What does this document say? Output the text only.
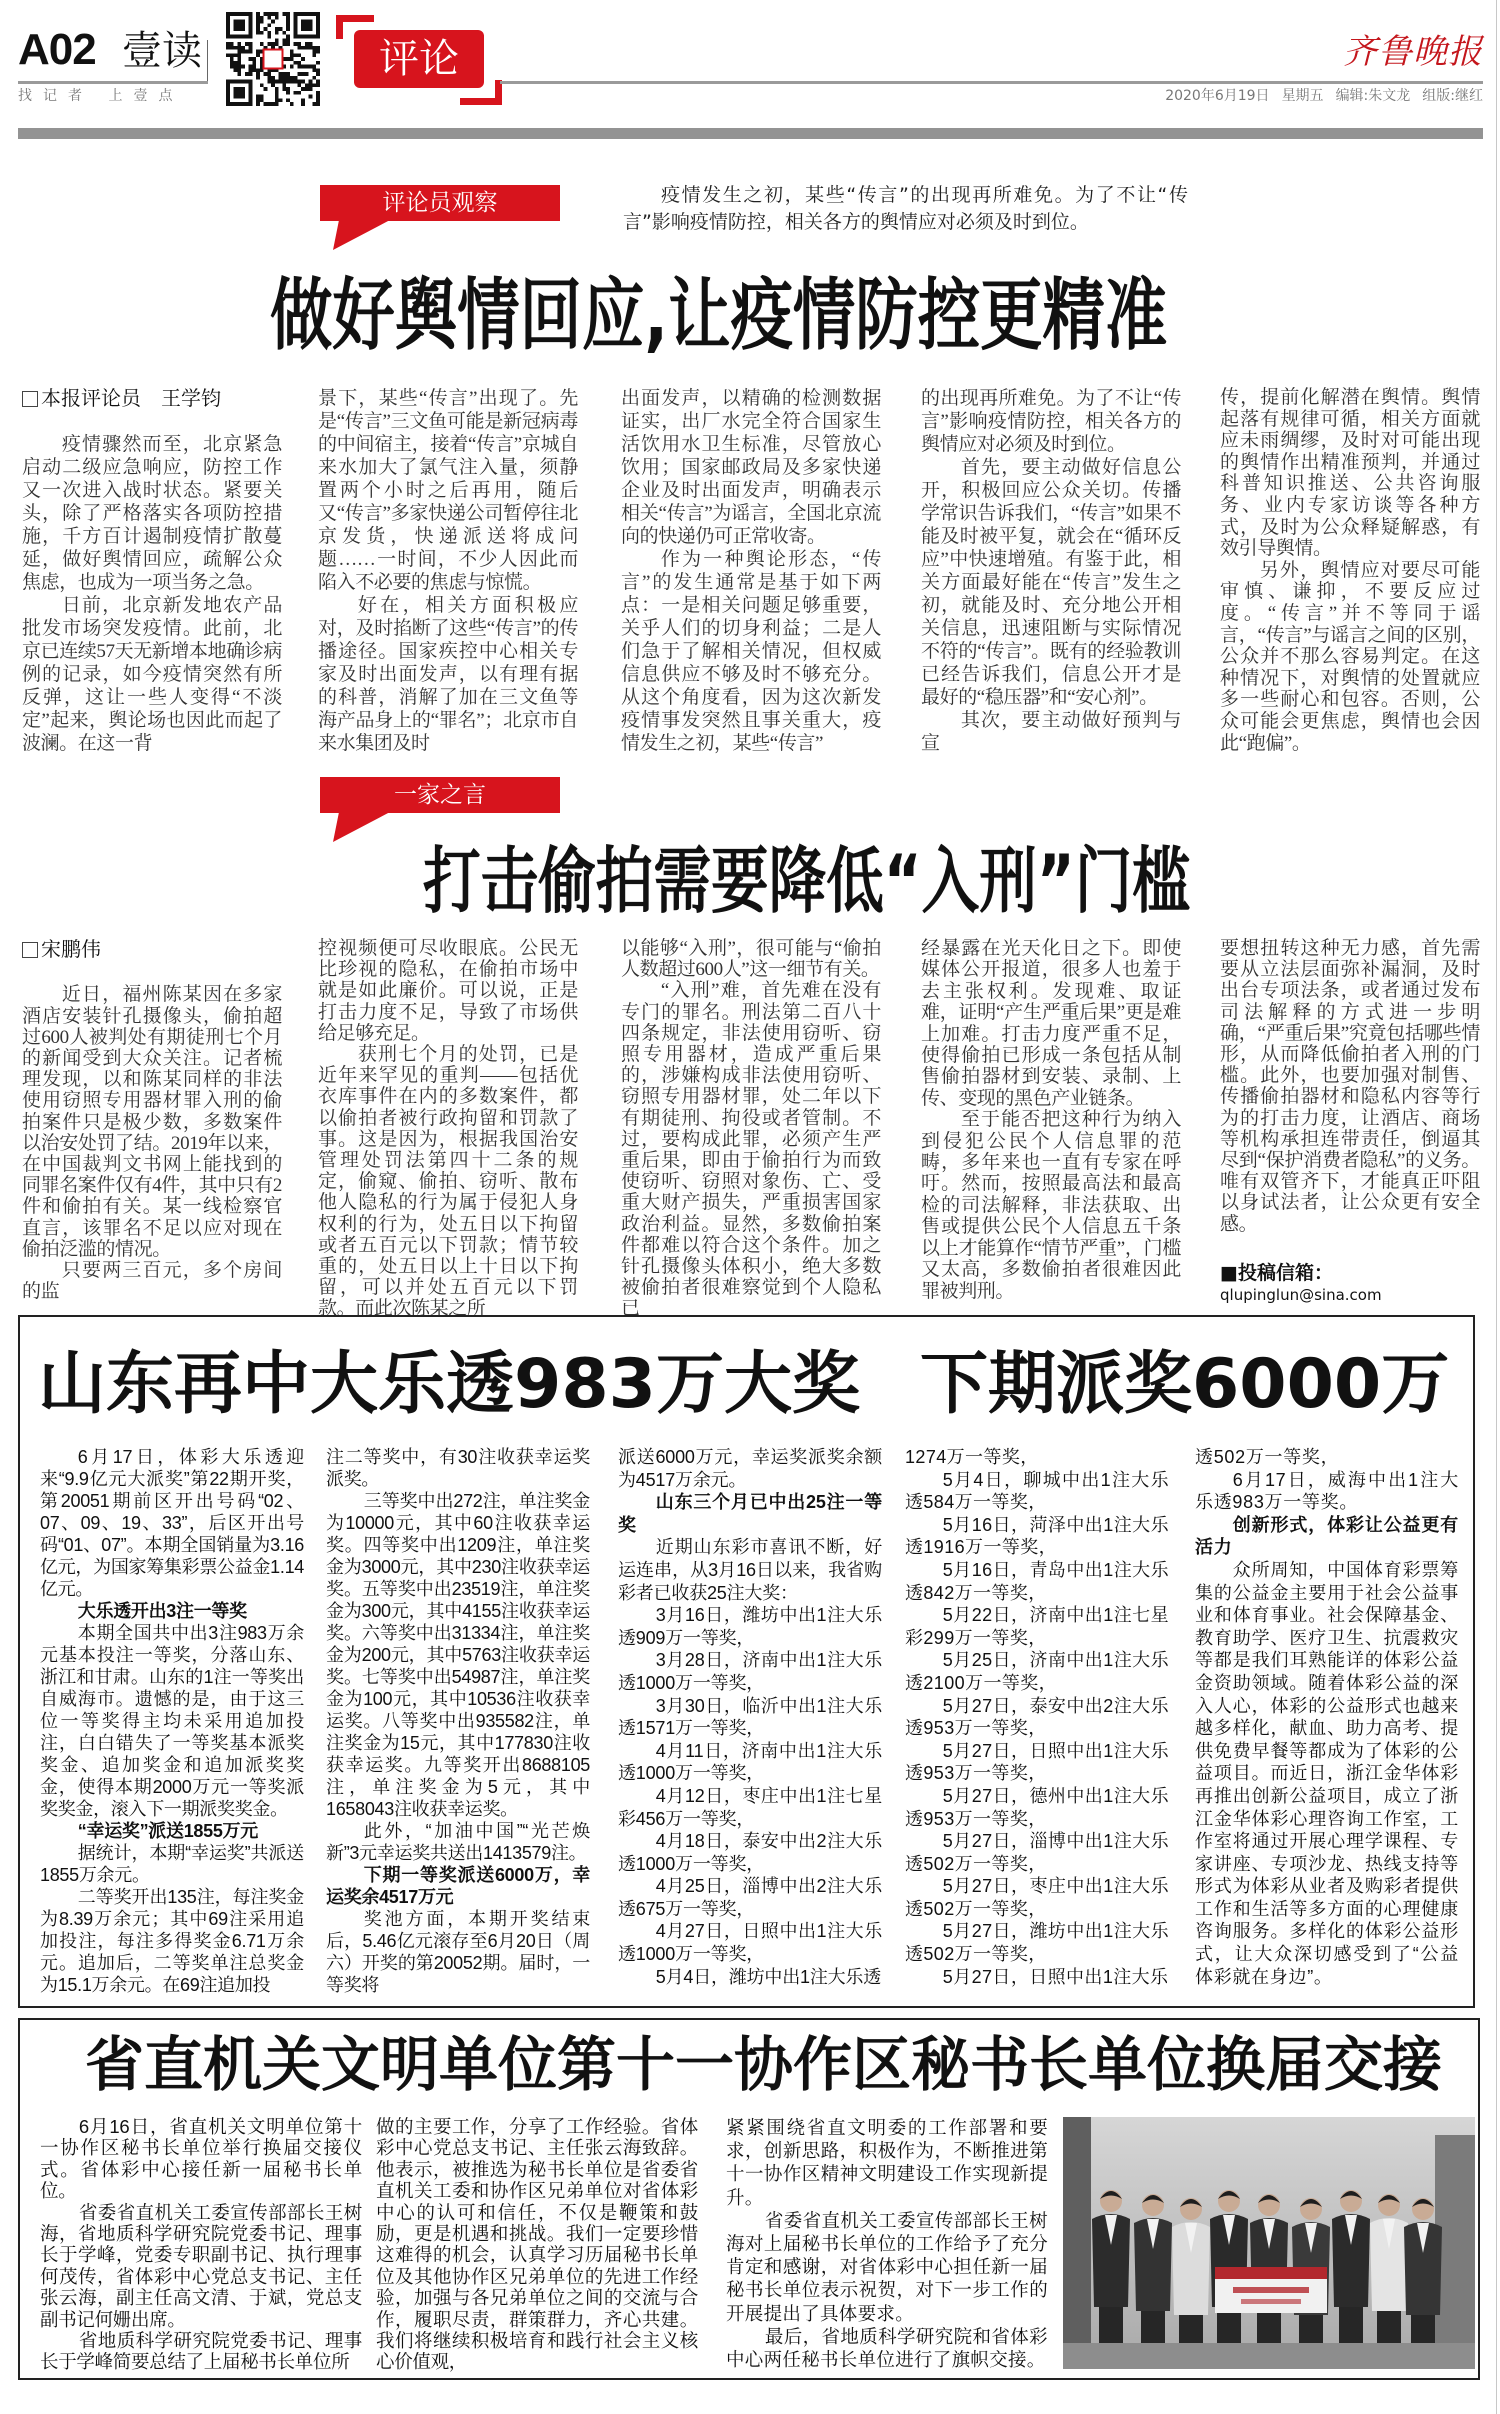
A02 壹读
找记者 上壹点
评论	齐鲁晚报
2020年6月19日 星期五 编辑:朱文龙 组版:继红
评论员观察	疫情发生之初，某些“传言”的出现再所难免。为了不让“传言”影响疫情防控，相关各方的舆情应对必须及时到位。
做好舆情回应,让疫情防控更精准
本报评论员　王学钧

疫情骤然而至，北京紧急启动二级应急响应，防控工作又一次进入战时状态。紧要关头，除了严格落实各项防控措施，千方百计遏制疫情扩散蔓延，做好舆情回应，疏解公众焦虑，也成为一项当务之急。

日前，北京新发地农产品批发市场突发疫情。此前，北京已连续57天无新增本地确诊病例的记录，如今疫情突然有所反弹，这让一些人变得“不淡定”起来，舆论场也因此而起了波澜。在这一背

景下，某些“传言”出现了。先是“传言”三文鱼可能是新冠病毒的中间宿主，接着“传言”京城自来水加大了氯气注入量，须静置两个小时之后再用，随后又“传言”多家快递公司暂停往北京发货，快递派送将成问题……一时间，不少人因此而陷入不必要的焦虑与惊慌。

好在，相关方面积极应对，及时掐断了这些“传言”的传播途径。国家疾控中心相关专家及时出面发声，以有理有据的科普，消解了加在三文鱼等海产品身上的“罪名”；北京市自来水集团及时

出面发声，以精确的检测数据证实，出厂水完全符合国家生活饮用水卫生标准，尽管放心饮用；国家邮政局及多家快递企业及时出面发声，明确表示相关“传言”为谣言，全国北京流向的快递仍可正常收寄。

作为一种舆论形态，“传言”的发生通常是基于如下两点：一是相关问题足够重要，关乎人们的切身利益；二是人们急于了解相关情况，但权威信息供应不够及时不够充分。从这个角度看，因为这次新发疫情事发突然且事关重大，疫情发生之初，某些“传言”

的出现再所难免。为了不让“传言”影响疫情防控，相关各方的舆情应对必须及时到位。

首先，要主动做好信息公开，积极回应公众关切。传播学常识告诉我们，“传言”如果不能及时被平复，就会在“循环反应”中快速增殖。有鉴于此，相关方面最好能在“传言”发生之初，就能及时、充分地公开相关信息，迅速阻断与实际情况不符的“传言”。既有的经验教训已经告诉我们，信息公开才是最好的“稳压器”和“安心剂”。

其次，要主动做好预判与宣

传，提前化解潜在舆情。舆情起落有规律可循，相关方面就应未雨绸缪，及时对可能出现的舆情作出精准预判，并通过科普知识推送、公共咨询服务、业内专家访谈等各种方式，及时为公众释疑解惑，有效引导舆情。

另外，舆情应对要尽可能审慎、谦抑，不要反应过度。“传言”并不等同于谣言，“传言”与谣言之间的区别，公众并不那么容易判定。在这种情况下，对舆情的处置就应多一些耐心和包容。否则，公众可能会更焦虑，舆情也会因此“跑偏”。

一家之言
打击偷拍需要降低“入刑”门槛
宋鹏伟

近日，福州陈某因在多家酒店安装针孔摄像头，偷拍超过600人被判处有期徒刑七个月的新闻受到大众关注。记者梳理发现，以和陈某同样的非法使用窃照专用器材罪入刑的偷拍案件只是极少数，多数案件以治安处罚了结。2019年以来，在中国裁判文书网上能找到的同罪名案件仅有4件，其中只有2件和偷拍有关。某一线检察官直言，该罪名不足以应对现在偷拍泛滥的情况。

只要两三百元，多个房间的监

控视频便可尽收眼底。公民无比珍视的隐私，在偷拍市场中就是如此廉价。可以说，正是打击力度不足，导致了市场供给足够充足。

获刑七个月的处罚，已是近年来罕见的重判——包括优衣库事件在内的多数案件，都以偷拍者被行政拘留和罚款了事。这是因为，根据我国治安管理处罚法第四十二条的规定，偷窥、偷拍、窃听、散布他人隐私的行为属于侵犯人身权利的行为，处五日以下拘留或者五百元以下罚款；情节较重的，处五日以上十日以下拘留，可以并处五百元以下罚款。而此次陈某之所

以能够“入刑”，很可能与“偷拍人数超过600人”这一细节有关。

“入刑”难，首先难在没有专门的罪名。刑法第二百八十四条规定，非法使用窃听、窃照专用器材，造成严重后果的，涉嫌构成非法使用窃听、窃照专用器材罪，处二年以下有期徒刑、拘役或者管制。不过，要构成此罪，必须产生严重后果，即由于偷拍行为而致使窃听、窃照对象伤、亡、受重大财产损失，严重损害国家政治利益。显然，多数偷拍案件都难以符合这个条件。加之针孔摄像头体积小，绝大多数被偷拍者很难察觉到个人隐私已

经暴露在光天化日之下。即使媒体公开报道，很多人也羞于去主张权利。发现难、取证难，证明“产生严重后果”更是难上加难。打击力度严重不足，使得偷拍已形成一条包括从制售偷拍器材到安装、录制、上传、变现的黑色产业链条。

至于能否把这种行为纳入到侵犯公民个人信息罪的范畴，多年来也一直有专家在呼吁。然而，按照最高法和最高检的司法解释，非法获取、出售或提供公民个人信息五千条以上才能算作“情节严重”，门槛又太高，多数偷拍者很难因此罪被判刑。

要想扭转这种无力感，首先需要从立法层面弥补漏洞，及时出台专项法条，或者通过发布司法解释的方式进一步明确，“严重后果”究竟包括哪些情形，从而降低偷拍者入刑的门槛。此外，也要加强对制售、传播偷拍器材和隐私内容等行为的打击力度，让酒店、商场等机构承担连带责任，倒逼其尽到“保护消费者隐私”的义务。唯有双管齐下，才能真正吓阻以身试法者，让公众更有安全感。

■投稿信箱：
qlupinglun@sina.com
山东再中大乐透983万大奖 下期派奖6000万

6月17日，体彩大乐透迎来“9.9亿元大派奖”第22期开奖，第20051期前区开出号码“02、07、09、19、33”，后区开出号码“01、07”。本期全国销量为3.16亿元，为国家筹集彩票公益金1.14亿元。

大乐透开出3注一等奖

本期全国共中出3注983万余元基本投注一等奖，分落山东、浙江和甘肃。山东的1注一等奖出自威海市。遗憾的是，由于这三位一等奖得主均未采用追加投注，白白错失了一等奖基本派奖奖金、追加奖金和追加派奖奖金，使得本期2000万元一等奖派奖奖金，滚入下一期派奖奖金。

“幸运奖”派送1855万元

据统计，本期“幸运奖”共派送1855万余元。

二等奖开出135注，每注奖金为8.39万余元；其中69注采用追加投注，每注多得奖金6.71万余元。追加后，二等奖单注总奖金为15.1万余元。在69注追加投

注二等奖中，有30注收获幸运奖派奖。

三等奖中出272注，单注奖金为10000元，其中60注收获幸运奖。四等奖中出1209注，单注奖金为3000元，其中230注收获幸运奖。五等奖中出23519注，单注奖金为300元，其中4155注收获幸运奖。六等奖中出31334注，单注奖金为200元，其中5763注收获幸运奖。七等奖中出54987注，单注奖金为100元，其中10536注收获幸运奖。八等奖中出935582注，单注奖金为15元，其中177830注收获幸运奖。九等奖开出8688105注，单注奖金为5元，其中1658043注收获幸运奖。

此外，“加油中国”“光芒焕新”3元幸运奖共送出1413579注。

下期一等奖派送6000万，幸运奖余4517万元

奖池方面，本期开奖结束后，5.46亿元滚存至6月20日（周六）开奖的第20052期。届时，一等奖将

派送6000万元，幸运奖派奖余额为4517万余元。

山东三个月已中出25注一等奖

近期山东彩市喜讯不断，好运连串，从3月16日以来，我省购彩者已收获25注大奖：

3月16日，潍坊中出1注大乐透909万一等奖，

3月28日，济南中出1注大乐透1000万一等奖，

3月30日，临沂中出1注大乐透1571万一等奖，

4月11日，济南中出1注大乐透1000万一等奖，

4月12日，枣庄中出1注七星彩456万一等奖，

4月18日，泰安中出2注大乐透1000万一等奖，

4月25日，淄博中出2注大乐透675万一等奖，

4月27日，日照中出1注大乐透1000万一等奖，

5月4日，潍坊中出1注大乐透

1274万一等奖，

5月4日，聊城中出1注大乐透584万一等奖，

5月16日，菏泽中出1注大乐透1916万一等奖，

5月16日，青岛中出1注大乐透842万一等奖，

5月22日，济南中出1注七星彩299万一等奖，

5月25日，济南中出1注大乐透2100万一等奖，

5月27日，泰安中出2注大乐透953万一等奖，

5月27日，日照中出1注大乐透953万一等奖，

5月27日，德州中出1注大乐透953万一等奖，

5月27日，淄博中出1注大乐透502万一等奖，

5月27日，枣庄中出1注大乐透502万一等奖，

5月27日，潍坊中出1注大乐透502万一等奖，

5月27日，日照中出1注大乐

透502万一等奖，

6月17日，威海中出1注大乐透983万一等奖。

创新形式，体彩让公益更有活力

众所周知，中国体育彩票筹集的公益金主要用于社会公益事业和体育事业。社会保障基金、教育助学、医疗卫生、抗震救灾等都是我们耳熟能详的体彩公益金资助领域。随着体彩公益的深入人心，体彩的公益形式也越来越多样化，献血、助力高考、提供免费早餐等都成为了体彩的公益项目。而近日，浙江金华体彩再推出创新公益项目，成立了浙江金华体彩心理咨询工作室，工作室将通过开展心理学课程、专家讲座、专项沙龙、热线支持等形式为体彩从业者及购彩者提供工作和生活等多方面的心理健康咨询服务。多样化的体彩公益形式，让大众深切感受到了“公益体彩就在身边”。

省直机关文明单位第十一协作区秘书长单位换届交接

6月16日，省直机关文明单位第十一协作区秘书长单位举行换届交接仪式。省体彩中心接任新一届秘书长单位。

省委省直机关工委宣传部部长王树海，省地质科学研究院党委书记、理事长于学峰，党委专职副书记、执行理事何茂传，省体彩中心党总支书记、主任张云海，副主任高文清、于斌，党总支副书记何姗出席。

省地质科学研究院党委书记、理事长于学峰简要总结了上届秘书长单位所

做的主要工作，分享了工作经验。省体彩中心党总支书记、主任张云海致辞。他表示，被推选为秘书长单位是省委省直机关工委和协作区兄弟单位对省体彩中心的认可和信任，不仅是鞭策和鼓励，更是机遇和挑战。我们一定要珍惜这难得的机会，认真学习历届秘书长单位及其他协作区兄弟单位的先进工作经验，加强与各兄弟单位之间的交流与合作，履职尽责，群策群力，齐心共建。我们将继续积极培育和践行社会主义核心价值观，

紧紧围绕省直文明委的工作部署和要求，创新思路，积极作为，不断推进第十一协作区精神文明建设工作实现新提升。

省委省直机关工委宣传部部长王树海对上届秘书长单位的工作给予了充分肯定和感谢，对省体彩中心担任新一届秘书长单位表示祝贺，对下一步工作的开展提出了具体要求。

最后，省地质科学研究院和省体彩中心两任秘书长单位进行了旗帜交接。
